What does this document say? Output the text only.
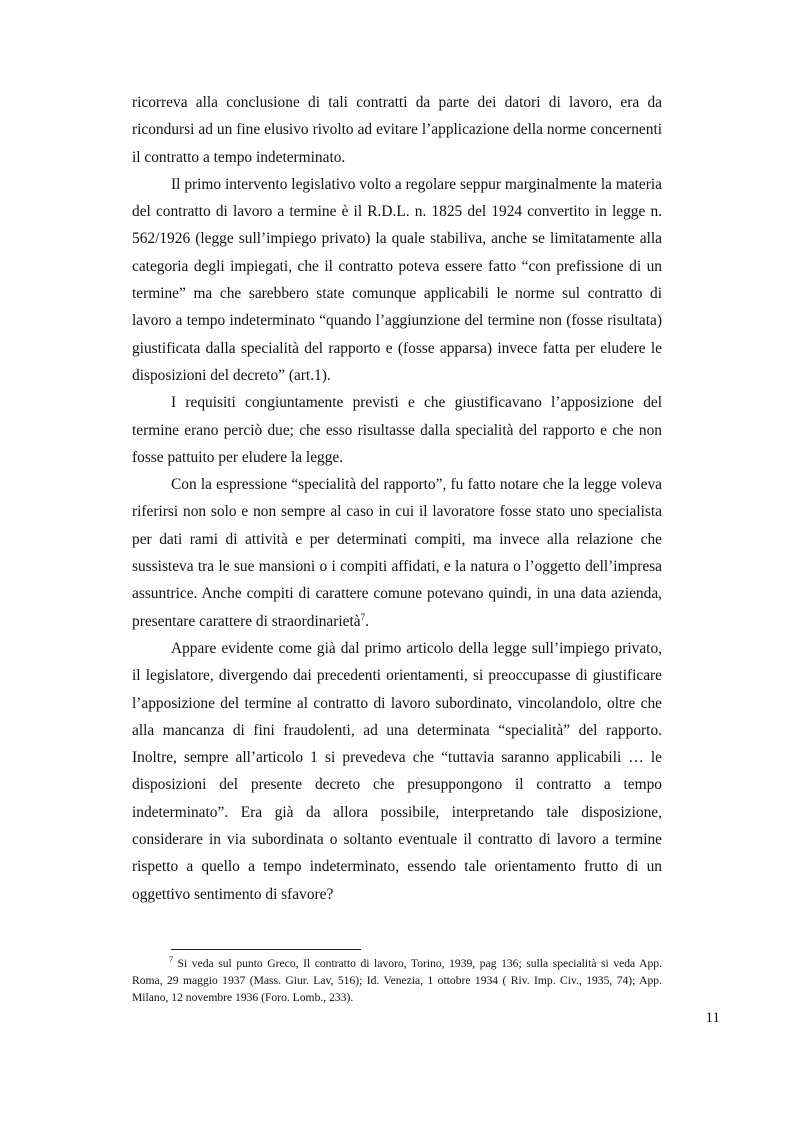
ricorreva alla conclusione di tali contratti da parte dei datori di lavoro, era da ricondursi ad un fine elusivo rivolto ad evitare l’applicazione della norme concernenti il contratto a tempo indeterminato.

Il primo intervento legislativo volto a regolare seppur marginalmente la materia del contratto di lavoro a termine è il R.D.L. n. 1825 del 1924 convertito in legge n. 562/1926 (legge sull’impiego privato) la quale stabiliva, anche se limitatamente alla categoria degli impiegati, che il contratto poteva essere fatto “con prefissione di un termine” ma che sarebbero state comunque applicabili le norme sul contratto di lavoro a tempo indeterminato “quando l’aggiunzione del termine non (fosse risultata) giustificata dalla specialità del rapporto e (fosse apparsa) invece fatta per eludere le disposizioni del decreto” (art.1).

I requisiti congiuntamente previsti e che giustificavano l’apposizione del termine erano perciò due; che esso risultasse dalla specialità del rapporto e che non fosse pattuito per eludere la legge.

Con la espressione “specialità del rapporto”, fu fatto notare che la legge voleva riferirsi non solo e non sempre al caso in cui il lavoratore fosse stato uno specialista per dati rami di attività e per determinati compiti, ma invece alla relazione che sussisteva tra le sue mansioni o i compiti affidati, e la natura o l’oggetto dell’impresa assuntrice. Anche compiti di carattere comune potevano quindi, in una data azienda, presentare carattere di straordinarietà$^7$.

Appare evidente come già dal primo articolo della legge sull’impiego privato, il legislatore, divergendo dai precedenti orientamenti, si preoccupasse di giustificare l’apposizione del termine al contratto di lavoro subordinato, vincolandolo, oltre che alla mancanza di fini fraudolenti, ad una determinata “specialità” del rapporto. Inoltre, sempre all’articolo 1 si prevedeva che “tuttavia saranno applicabili … le disposizioni del presente decreto che presuppongono il contratto a tempo indeterminato”. Era già da allora possibile, interpretando tale disposizione, considerare in via subordinata o soltanto eventuale il contratto di lavoro a termine rispetto a quello a tempo indeterminato, essendo tale orientamento frutto di un oggettivo sentimento di sfavore?

$^7$ Si veda sul punto Greco, Il contratto di lavoro, Torino, 1939, pag 136; sulla specialità si veda App. Roma, 29 maggio 1937 (Mass. Giur. Lav, 516); Id. Venezia, 1 ottobre 1934 ( Riv. Imp. Civ., 1935, 74); App. Milano, 12 novembre 1936 (Foro. Lomb., 233).

11
